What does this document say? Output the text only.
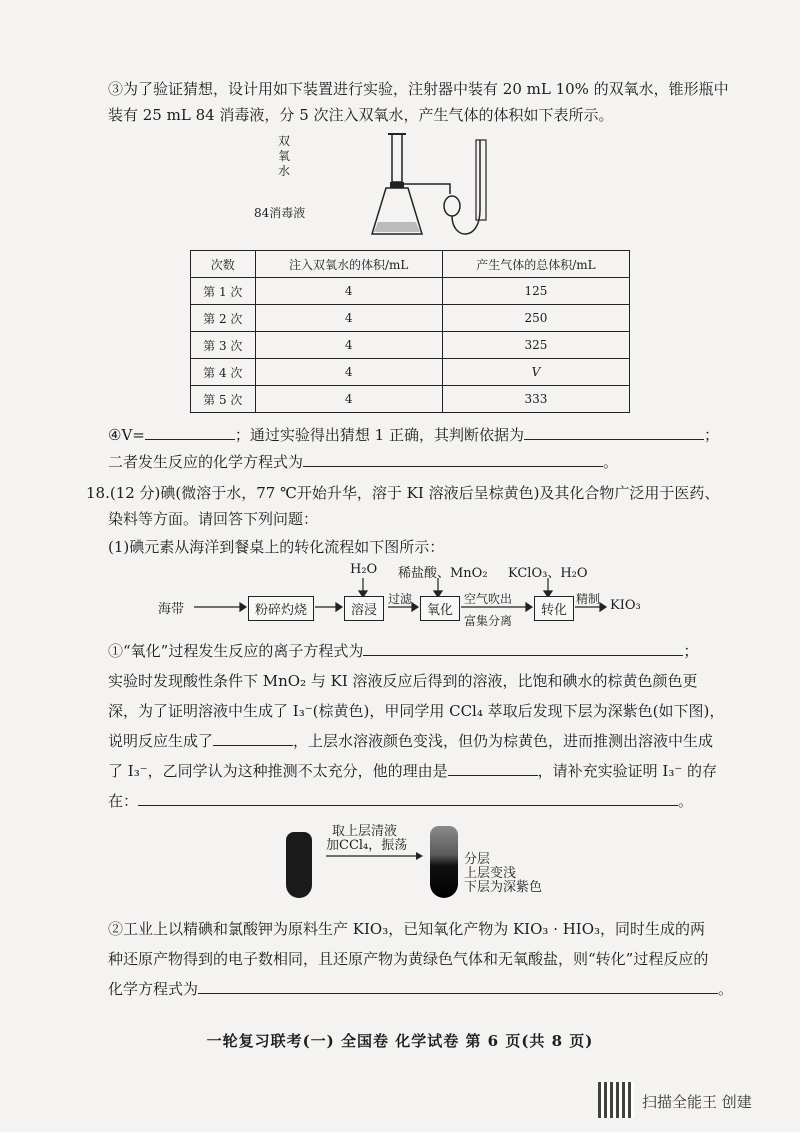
③为了验证猜想，设计用如下装置进行实验，注射器中装有 20 mL 10% 的双氧水，锥形瓶中
装有 25 mL 84 消毒液，分 5 次注入双氧水，产生气体的体积如下表所示。
双氧水
84消毒液
次数	注入双氧水的体积/mL	产生气体的总体积/mL
第 1 次	4	125
第 2 次	4	250
第 3 次	4	325
第 4 次	4	V
第 5 次	4	333
④V=	；通过实验得出猜想 1 正确，其判断依据为	；
二者发生反应的化学方程式为	。
18.(12 分)碘(微溶于水，77 ℃开始升华，溶于 KI 溶液后呈棕黄色)及其化合物广泛用于医药、
染料等方面。请回答下列问题：
(1)碘元素从海洋到餐桌上的转化流程如下图所示：
海带	粉碎灼烧	溶浸
H₂O
过滤
氧化
稀盐酸、MnO₂
空气吹出
富集分离
转化
KClO₃、H₂O
精制 KIO₃
①“氧化”过程发生反应的离子方程式为	；
实验时发现酸性条件下 MnO₂ 与 KI 溶液反应后得到的溶液，比饱和碘水的棕黄色颜色更
深，为了证明溶液中生成了 I₃⁻(棕黄色)，甲同学用 CCl₄ 萃取后发现下层为深紫色(如下图)，
说明反应生成了	，上层水溶液颜色变浅，但仍为棕黄色，进而推测出溶液中生成
了 I₃⁻，乙同学认为这种推测不太充分，他的理由是	，请补充实验证明 I₃⁻ 的存
在：	。
取上层清液
加CCl₄，振荡
分层
上层变浅
下层为深紫色
②工业上以精碘和氯酸钾为原料生产 KIO₃，已知氧化产物为 KIO₃ · HIO₃，同时生成的两
种还原产物得到的电子数相同，且还原产物为黄绿色气体和无氧酸盐，则“转化”过程反应的
化学方程式为	。
一轮复习联考(一) 全国卷 化学试卷 第 6 页(共 8 页)
扫描全能王 创建
